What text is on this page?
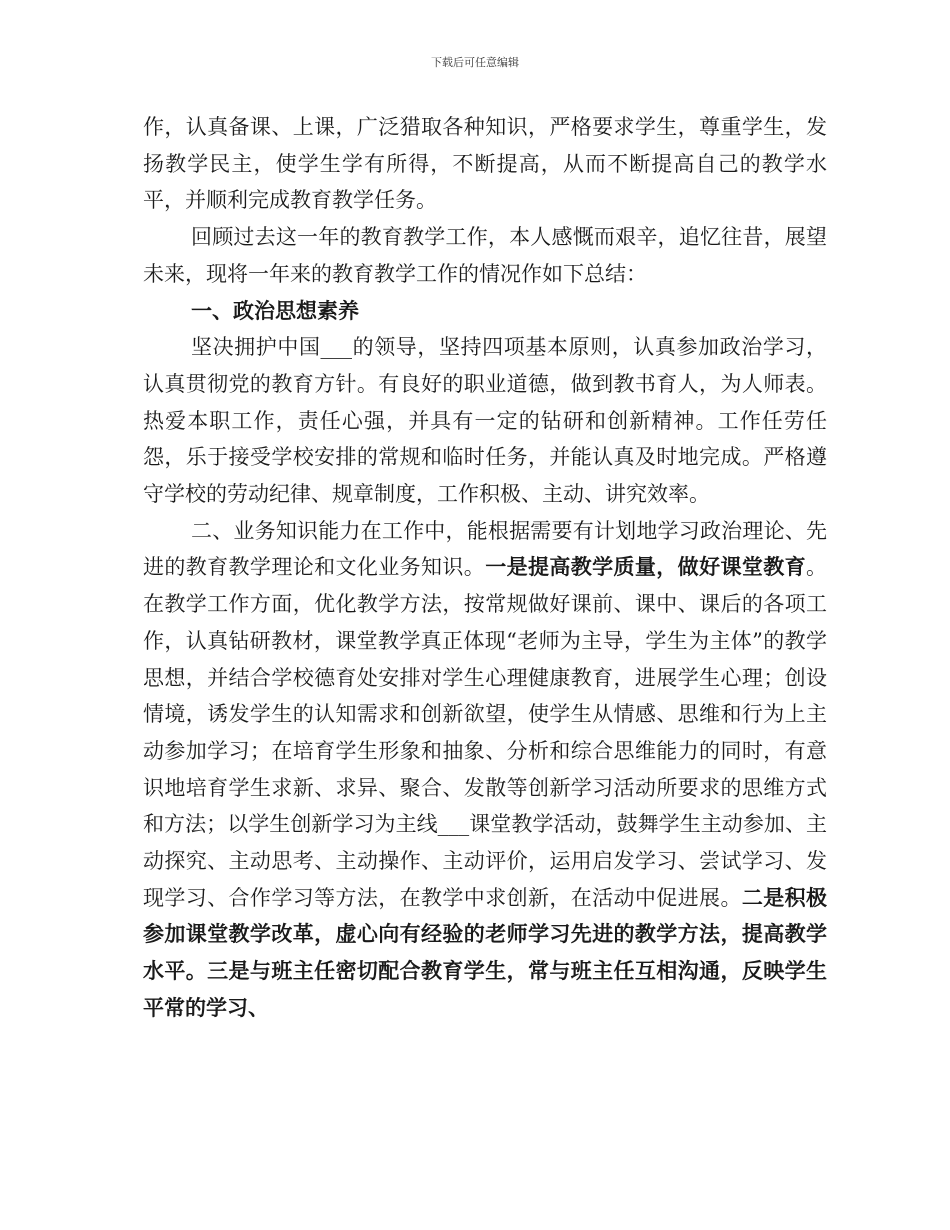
下载后可任意编辑

作，认真备课、上课，广泛猎取各种知识，严格要求学生，尊重学生，发扬教学民主，使学生学有所得，不断提高，从而不断提高自己的教学水平，并顺利完成教育教学任务。

回顾过去这一年的教育教学工作，本人感慨而艰辛，追忆往昔，展望未来，现将一年来的教育教学工作的情况作如下总结：

一、政治思想素养

坚决拥护中国___的领导，坚持四项基本原则，认真参加政治学习，认真贯彻党的教育方针。有良好的职业道德，做到教书育人，为人师表。热爱本职工作，责任心强，并具有一定的钻研和创新精神。工作任劳任怨，乐于接受学校安排的常规和临时任务，并能认真及时地完成。严格遵守学校的劳动纪律、规章制度，工作积极、主动、讲究效率。

二、业务知识能力在工作中，能根据需要有计划地学习政治理论、先进的教育教学理论和文化业务知识。一是提高教学质量，做好课堂教育。在教学工作方面，优化教学方法，按常规做好课前、课中、课后的各项工作，认真钻研教材，课堂教学真正体现“老师为主导，学生为主体”的教学思想，并结合学校德育处安排对学生心理健康教育，进展学生心理；创设情境，诱发学生的认知需求和创新欲望，使学生从情感、思维和行为上主动参加学习；在培育学生形象和抽象、分析和综合思维能力的同时，有意识地培育学生求新、求异、聚合、发散等创新学习活动所要求的思维方式和方法；以学生创新学习为主线___课堂教学活动，鼓舞学生主动参加、主动探究、主动思考、主动操作、主动评价，运用启发学习、尝试学习、发现学习、合作学习等方法，在教学中求创新，在活动中促进展。二是积极参加课堂教学改革，虚心向有经验的老师学习先进的教学方法，提高教学水平。三是与班主任密切配合教育学生，常与班主任互相沟通，反映学生平常的学习、
